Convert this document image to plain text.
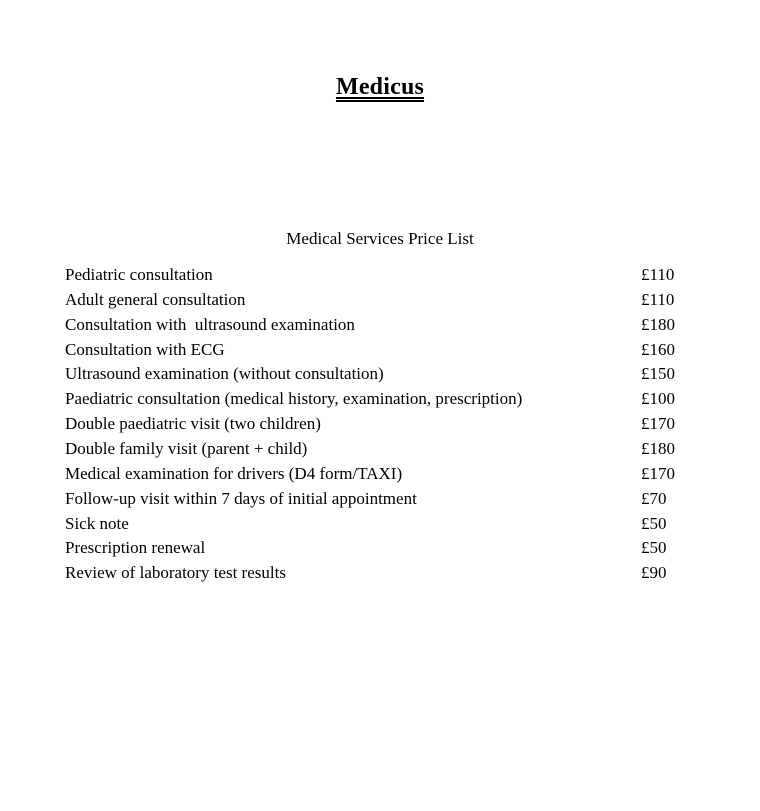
Medicus
Medical Services Price List
Pediatric consultation	£110
Adult general consultation	£110
Consultation with  ultrasound examination	£180
Consultation with ECG	£160
Ultrasound examination (without consultation)	£150
Paediatric consultation (medical history, examination, prescription)	£100
Double paediatric visit (two children)	£170
Double family visit (parent + child)	£180
Medical examination for drivers (D4 form/TAXI)	£170
Follow-up visit within 7 days of initial appointment	£70
Sick note	£50
Prescription renewal	£50
Review of laboratory test results	£90
